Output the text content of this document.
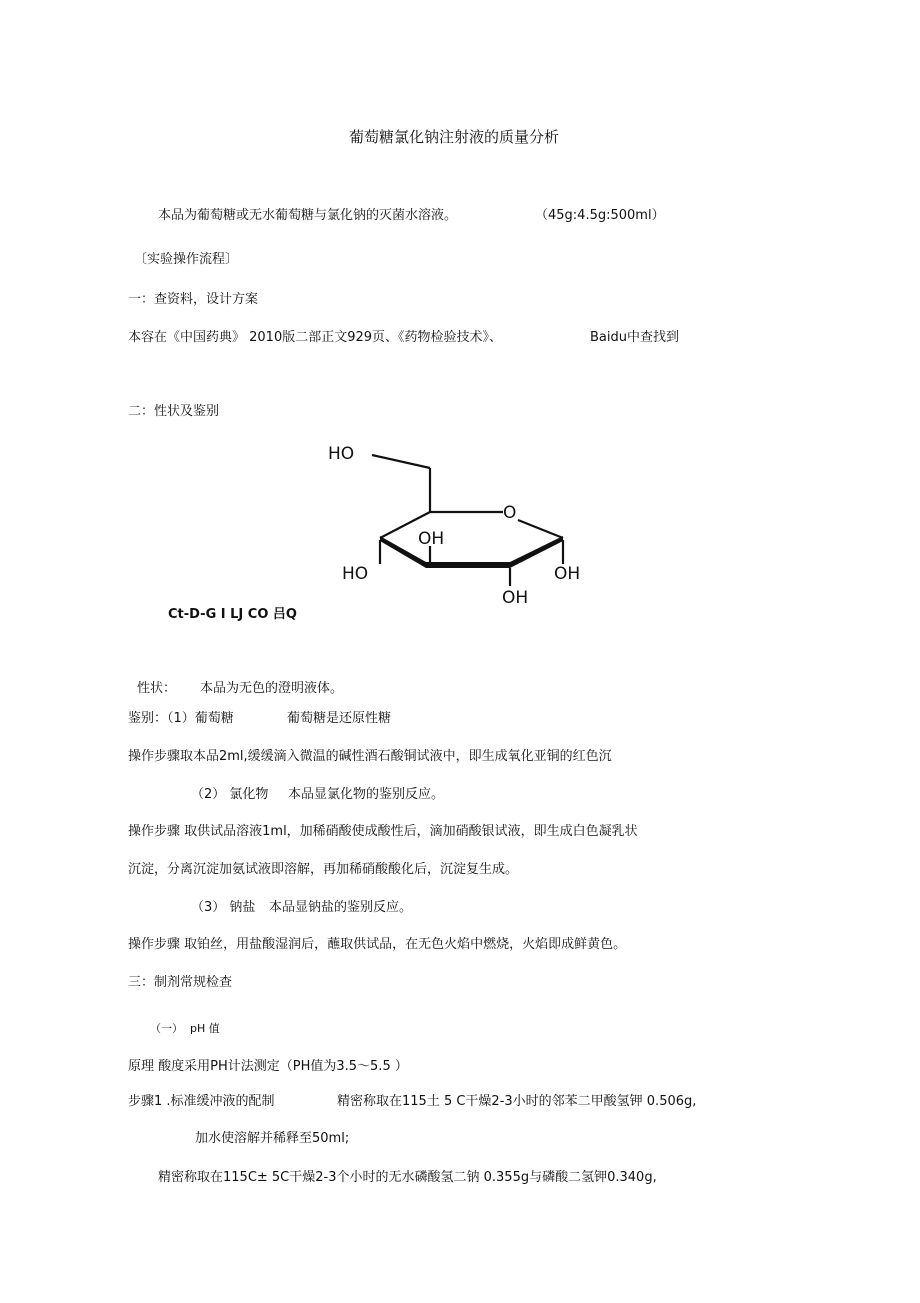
葡萄糖氯化钠注射液的质量分析
本品为葡萄糖或无水葡萄糖与氯化钠的灭菌水溶液。	（45g:4.5g:500ml）
〔实验操作流程〕
一：查资料，设计方案
本容在《中国药典》 2010版二部正文929页、《药物检验技术》、	Baidu中查找到
二：性状及鉴别
HO
O
OH
HO	OH
OH
Ct-D-G I LJ CO 吕Q
性状： 本品为无色的澄明液体。
鉴别：（1）葡萄糖	葡萄糖是还原性糖
操作步骤取本品2ml,缓缓滴入微温的碱性酒石酸铜试液中，即生成氧化亚铜的红色沉
（2） 氯化物 本品显氯化物的鉴别反应。
操作步骤 取供试品溶液1ml，加稀硝酸使成酸性后，滴加硝酸银试液，即生成白色凝乳状
沉淀，分离沉淀加氨试液即溶解，再加稀硝酸酸化后，沉淀复生成。
（3） 钠盐 本品显钠盐的鉴别反应。
操作步骤 取铂丝，用盐酸湿润后，蘸取供试品，在无色火焰中燃烧，火焰即成鲜黄色。
三：制剂常规检查
（一） pH 值
原理 酸度采用PH计法测定（PH值为3.5～5.5 ）
步骤1 .标准缓冲液的配制	精密称取在115土 5 C干燥2-3小时的邻苯二甲酸氢钾 0.506g,
加水使溶解并稀释至50ml;
精密称取在115C± 5C干燥2-3个小时的无水磷酸氢二钠 0.355g与磷酸二氢钾0.340g,
